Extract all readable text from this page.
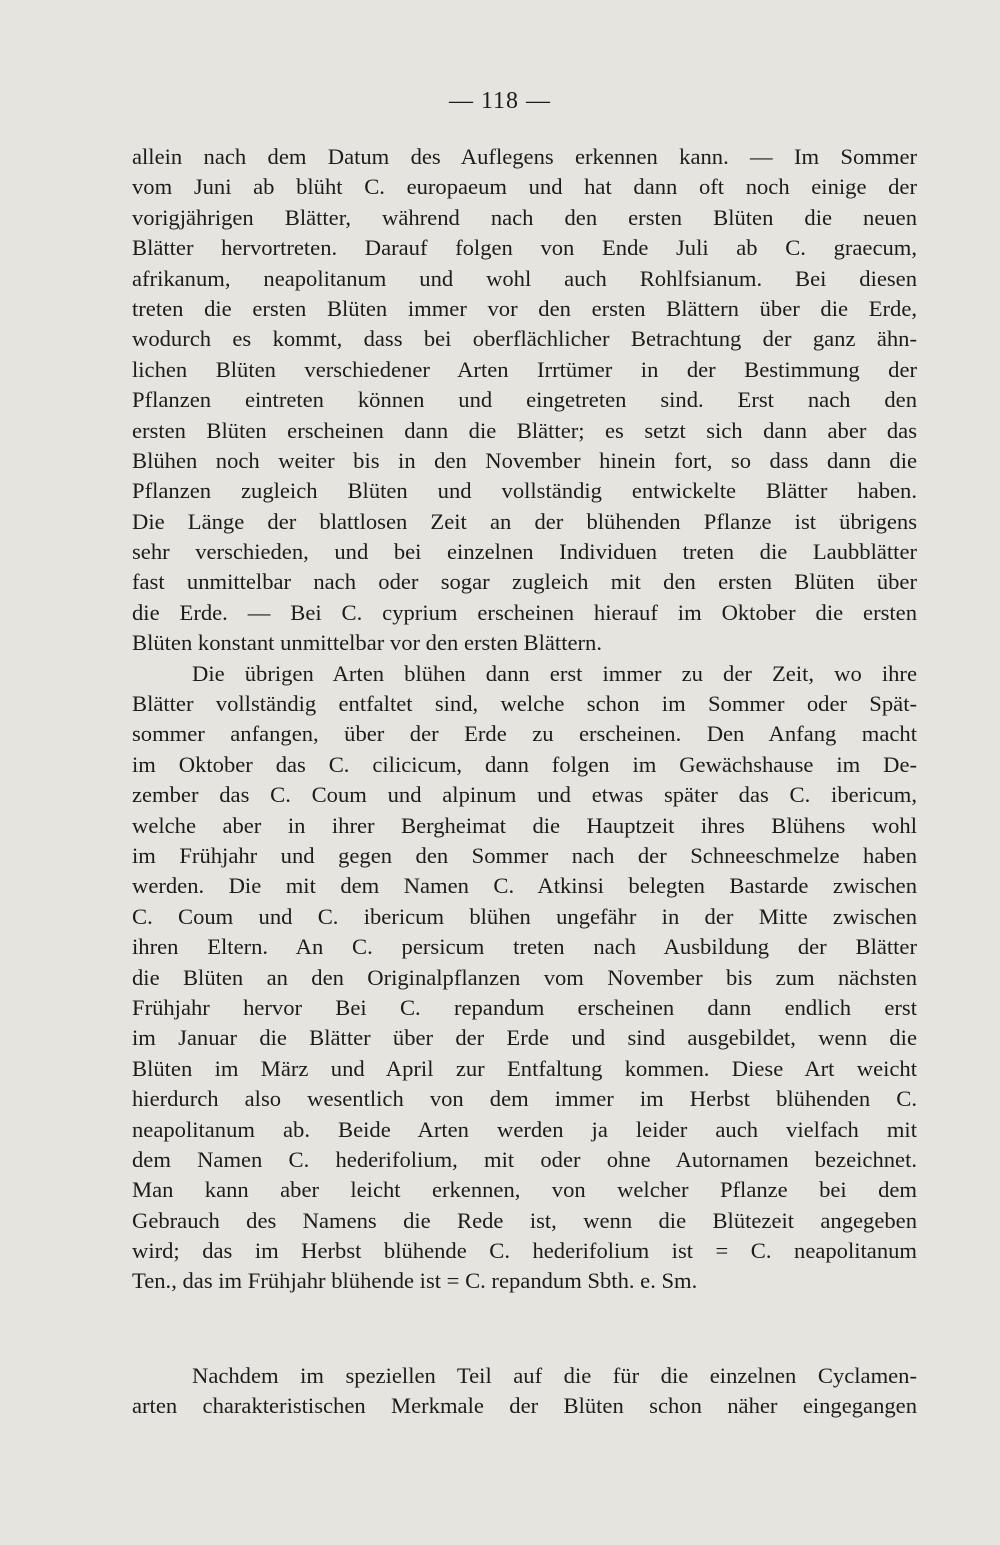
— 118 —
allein nach dem Datum des Auflegens erkennen kann. — Im Sommer
vom Juni ab blüht C. europaeum und hat dann oft noch einige der
vorigjährigen Blätter, während nach den ersten Blüten die neuen
Blätter hervortreten. Darauf folgen von Ende Juli ab C. graecum,
afrikanum, neapolitanum und wohl auch Rohlfsianum. Bei diesen
treten die ersten Blüten immer vor den ersten Blättern über die Erde,
wodurch es kommt, dass bei oberflächlicher Betrachtung der ganz ähn-
lichen Blüten verschiedener Arten Irrtümer in der Bestimmung der
Pflanzen eintreten können und eingetreten sind. Erst nach den
ersten Blüten erscheinen dann die Blätter; es setzt sich dann aber das
Blühen noch weiter bis in den November hinein fort, so dass dann die
Pflanzen zugleich Blüten und vollständig entwickelte Blätter haben.
Die Länge der blattlosen Zeit an der blühenden Pflanze ist übrigens
sehr verschieden, und bei einzelnen Individuen treten die Laubblätter
fast unmittelbar nach oder sogar zugleich mit den ersten Blüten über
die Erde. — Bei C. cyprium erscheinen hierauf im Oktober die ersten
Blüten konstant unmittelbar vor den ersten Blättern.
Die übrigen Arten blühen dann erst immer zu der Zeit, wo ihre
Blätter vollständig entfaltet sind, welche schon im Sommer oder Spät-
sommer anfangen, über der Erde zu erscheinen. Den Anfang macht
im Oktober das C. cilicicum, dann folgen im Gewächshause im De-
zember das C. Coum und alpinum und etwas später das C. ibericum,
welche aber in ihrer Bergheimat die Hauptzeit ihres Blühens wohl
im Frühjahr und gegen den Sommer nach der Schneeschmelze haben
werden. Die mit dem Namen C. Atkinsi belegten Bastarde zwischen
C. Coum und C. ibericum blühen ungefähr in der Mitte zwischen
ihren Eltern. An C. persicum treten nach Ausbildung der Blätter
die Blüten an den Originalpflanzen vom November bis zum nächsten
Frühjahr hervor Bei C. repandum erscheinen dann endlich erst
im Januar die Blätter über der Erde und sind ausgebildet, wenn die
Blüten im März und April zur Entfaltung kommen. Diese Art weicht
hierdurch also wesentlich von dem immer im Herbst blühenden C.
neapolitanum ab. Beide Arten werden ja leider auch vielfach mit
dem Namen C. hederifolium, mit oder ohne Autornamen bezeichnet.
Man kann aber leicht erkennen, von welcher Pflanze bei dem
Gebrauch des Namens die Rede ist, wenn die Blütezeit angegeben
wird; das im Herbst blühende C. hederifolium ist = C. neapolitanum
Ten., das im Frühjahr blühende ist = C. repandum Sbth. e. Sm.
Nachdem im speziellen Teil auf die für die einzelnen Cyclamen-
arten charakteristischen Merkmale der Blüten schon näher eingegangen
